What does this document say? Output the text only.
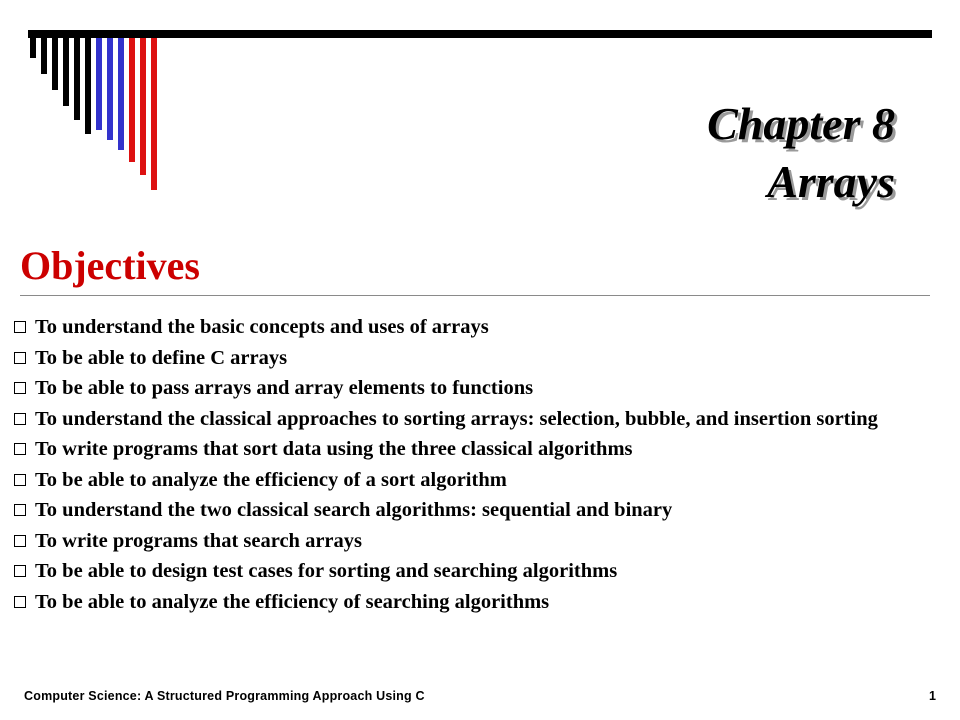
Chapter 8
Arrays
Objectives
To understand the basic concepts and uses of arrays
To be able to define C arrays
To be able to pass arrays and array elements to functions
To understand the classical approaches to sorting arrays: selection, bubble, and insertion sorting
To write programs that sort data using the three classical algorithms
To be able to analyze the efficiency of a sort algorithm
To understand the two classical search algorithms: sequential and binary
To write programs that search arrays
To be able to design test cases for sorting and searching algorithms
To be able to analyze the efficiency of searching algorithms
Computer Science: A Structured Programming Approach Using C	1
